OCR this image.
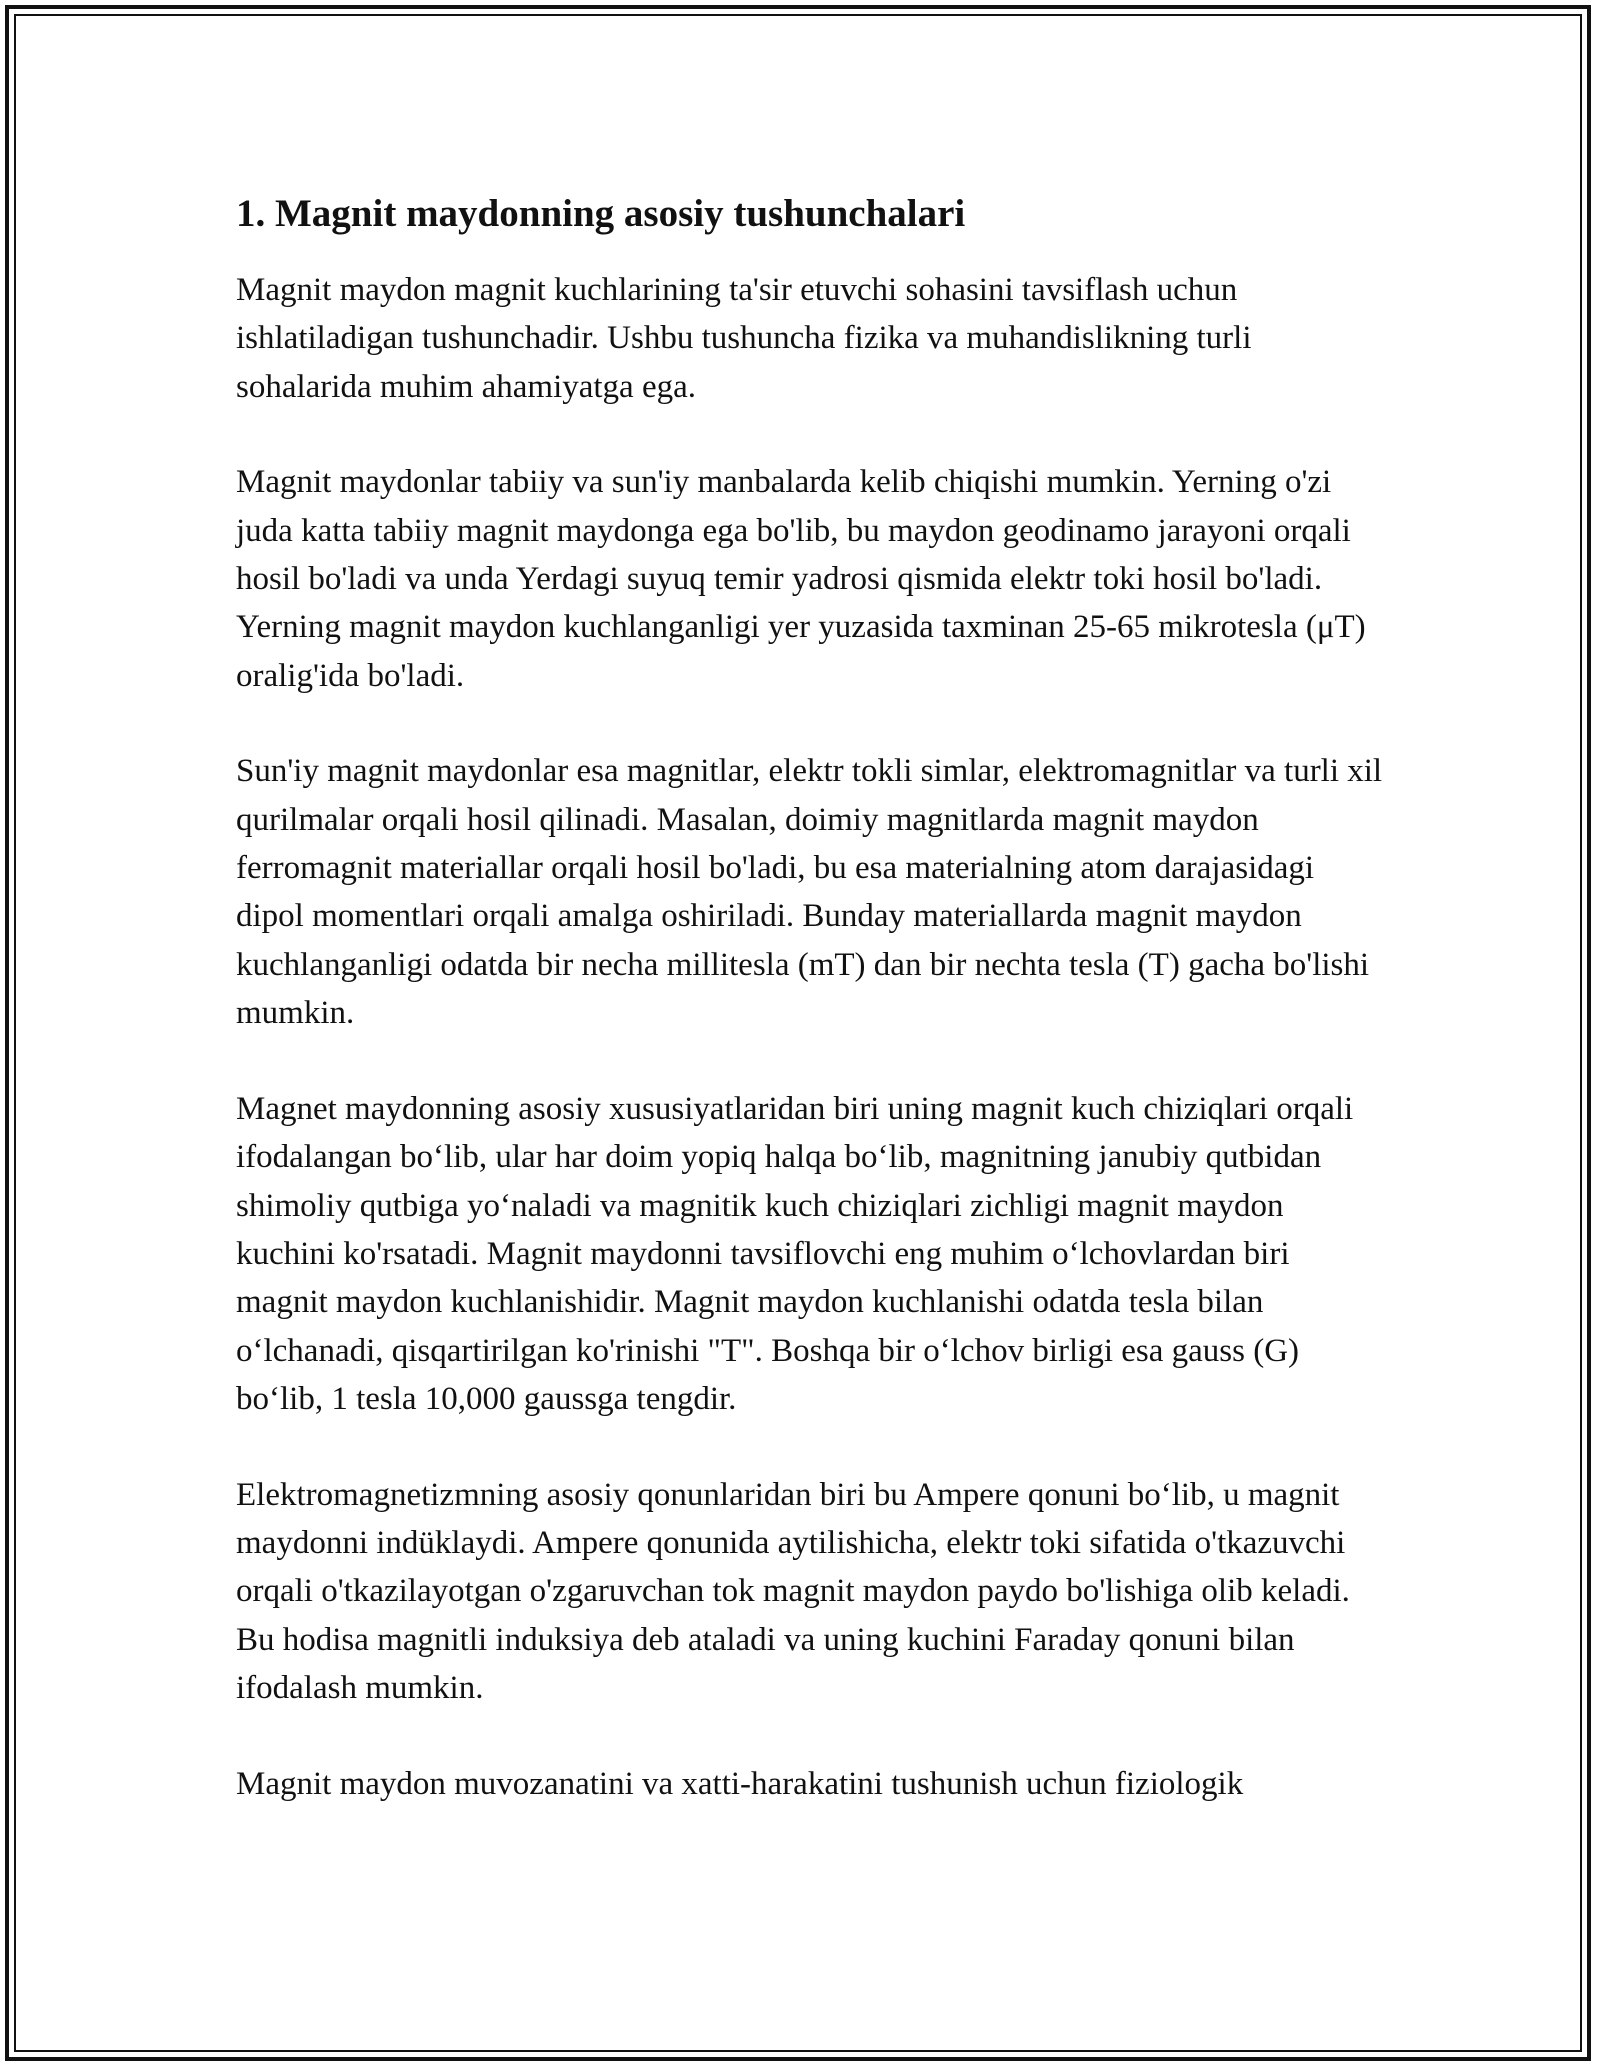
1. Magnit maydonning asosiy tushunchalari

Magnit maydon magnit kuchlarining ta'sir etuvchi sohasini tavsiflash uchun ishlatiladigan tushunchadir. Ushbu tushuncha fizika va muhandislikning turli sohalarida muhim ahamiyatga ega.

Magnit maydonlar tabiiy va sun'iy manbalarda kelib chiqishi mumkin. Yerning o'zi juda katta tabiiy magnit maydonga ega bo'lib, bu maydon geodinamo jarayoni orqali hosil bo'ladi va unda Yerdagi suyuq temir yadrosi qismida elektr toki hosil bo'ladi. Yerning magnit maydon kuchlanganligi yer yuzasida taxminan 25-65 mikrotesla (μT) oralig'ida bo'ladi.

Sun'iy magnit maydonlar esa magnitlar, elektr tokli simlar, elektromagnitlar va turli xil qurilmalar orqali hosil qilinadi. Masalan, doimiy magnitlarda magnit maydon ferromagnit materiallar orqali hosil bo'ladi, bu esa materialning atom darajasidagi dipol momentlari orqali amalga oshiriladi. Bunday materiallarda magnit maydon kuchlanganligi odatda bir necha millitesla (mT) dan bir nechta tesla (T) gacha bo'lishi mumkin.

Magnet maydonning asosiy xususiyatlaridan biri uning magnit kuch chiziqlari orqali ifodalangan bo‘lib, ular har doim yopiq halqa bo‘lib, magnitning janubiy qutbidan shimoliy qutbiga yo‘naladi va magnitik kuch chiziqlari zichligi magnit maydon kuchini ko'rsatadi. Magnit maydonni tavsiflovchi eng muhim o‘lchovlardan biri magnit maydon kuchlanishidir. Magnit maydon kuchlanishi odatda tesla bilan o‘lchanadi, qisqartirilgan ko'rinishi "T". Boshqa bir o‘lchov birligi esa gauss (G) bo‘lib, 1 tesla 10,000 gaussga tengdir.

Elektromagnetizmning asosiy qonunlaridan biri bu Ampere qonuni bo‘lib, u magnit maydonni indüklaydi. Ampere qonunida aytilishicha, elektr toki sifatida o'tkazuvchi orqali o'tkazilayotgan o'zgaruvchan tok magnit maydon paydo bo'lishiga olib keladi. Bu hodisa magnitli induksiya deb ataladi va uning kuchini Faraday qonuni bilan ifodalash mumkin.

Magnit maydon muvozanatini va xatti-harakatini tushunish uchun fiziologik
